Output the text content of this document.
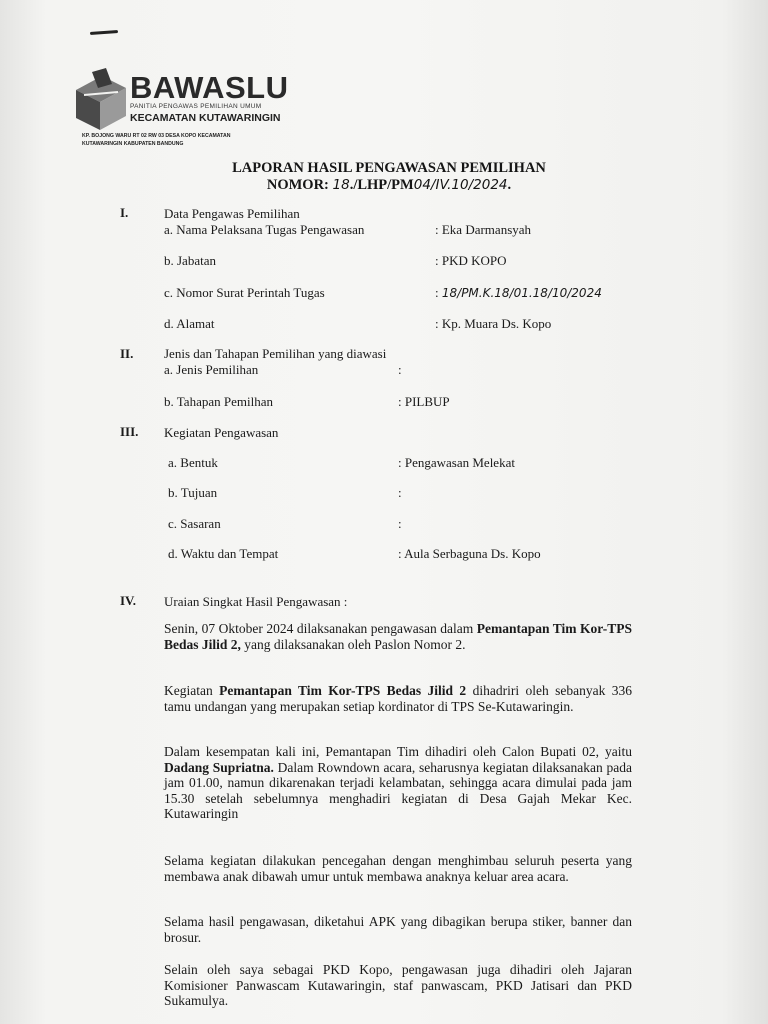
BAWASLU
PANITIA PENGAWAS PEMILIHAN UMUM
KECAMATAN KUTAWARINGIN
KP. BOJONG WARU RT 02 RW 03 DESA KOPO KECAMATAN
KUTAWARINGIN KABUPATEN BANDUNG
LAPORAN HASIL PENGAWASAN PEMILIHAN
NOMOR: 18./LHP/PM04/IV.10/2024.
I.	Data Pengawas Pemilihan
a. Nama Pelaksana Tugas Pengawasan	: Eka Darmansyah
b. Jabatan	: PKD KOPO
c. Nomor Surat Perintah Tugas	: 18/PM.K.18/01.18/10/2024
d. Alamat	: Kp. Muara Ds. Kopo
II. Jenis dan Tahapan Pemilihan yang diawasi
a. Jenis Pemilihan	:
b. Tahapan Pemilhan	: PILBUP
III. Kegiatan Pengawasan
a. Bentuk	: Pengawasan Melekat
b. Tujuan	:
c. Sasaran	:
d. Waktu dan Tempat	: Aula Serbaguna Ds. Kopo
IV. Uraian Singkat Hasil Pengawasan :
Senin, 07 Oktober 2024 dilaksanakan pengawasan dalam Pemantapan Tim Kor-TPS Bedas Jilid 2, yang dilaksanakan oleh Paslon Nomor 2.
Kegiatan Pemantapan Tim Kor-TPS Bedas Jilid 2 dihadriri oleh sebanyak 336 tamu undangan yang merupakan setiap kordinator di TPS Se-Kutawaringin.
Dalam kesempatan kali ini, Pemantapan Tim dihadiri oleh Calon Bupati 02, yaitu Dadang Supriatna. Dalam Rowndown acara, seharusnya kegiatan dilaksanakan pada jam 01.00, namun dikarenakan terjadi kelambatan, sehingga acara dimulai pada jam 15.30 setelah sebelumnya menghadiri kegiatan di Desa Gajah Mekar Kec. Kutawaringin
Selama kegiatan dilakukan pencegahan dengan menghimbau seluruh peserta yang membawa anak dibawah umur untuk membawa anaknya keluar area acara.
Selama hasil pengawasan, diketahui APK yang dibagikan berupa stiker, banner dan brosur.
Selain oleh saya sebagai PKD Kopo, pengawasan juga dihadiri oleh Jajaran Komisioner Panwascam Kutawaringin, staf panwascam, PKD Jatisari dan PKD Sukamulya.
